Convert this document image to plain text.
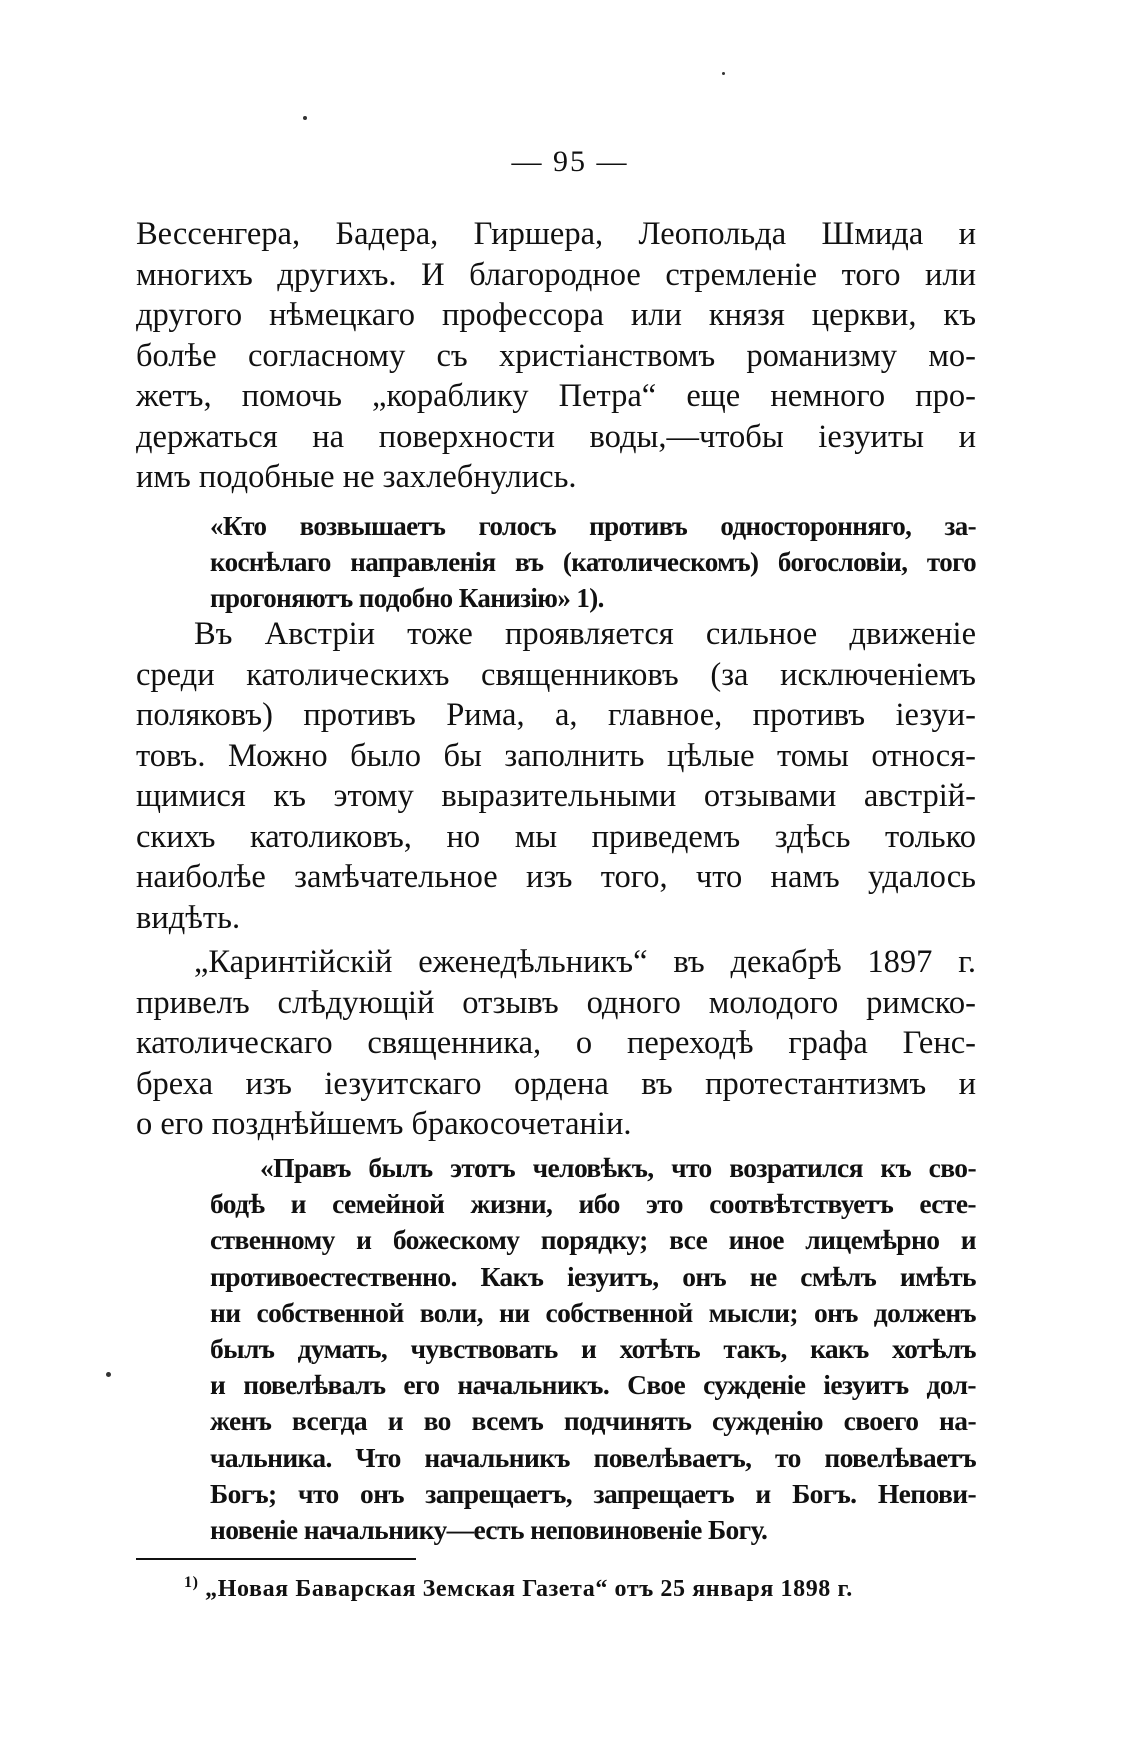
— 95 —
Вессенгера, Бадера, Гиршера, Леопольда Шмида и
многихъ другихъ. И благородное стремленіе того или
другого нѣмецкаго профессора или князя церкви, къ
болѣе согласному съ христіанствомъ романизму мо-
жетъ, помочь „кораблику Петра“ еще немного про-
держаться на поверхности воды,—чтобы іезуиты и
имъ подобные не захлебнулись.
«Кто возвышаетъ голосъ противъ односторонняго, за-
коснѣлаго направленія въ (католическомъ) богословіи, того
прогоняютъ подобно Канизію» 1).
Въ Австріи тоже проявляется сильное движеніе
среди католическихъ священниковъ (за исключеніемъ
поляковъ) противъ Рима, а, главное, противъ іезуи-
товъ. Можно было бы заполнить цѣлые томы относя-
щимися къ этому выразительными отзывами австрій-
скихъ католиковъ, но мы приведемъ здѣсь только
наиболѣе замѣчательное изъ того, что намъ удалось
видѣть.
„Каринтійскій еженедѣльникъ“ въ декабрѣ 1897 г.
привелъ слѣдующій отзывъ одного молодого римско-
католическаго священника, о переходѣ графа Генс-
бреха изъ іезуитскаго ордена въ протестантизмъ и
о его позднѣйшемъ бракосочетаніи.
«Правъ былъ этотъ человѣкъ, что возратился къ сво-
бодѣ и семейной жизни, ибо это соотвѣтствуетъ есте-
ственному и божескому порядку; все иное лицемѣрно и
противоестественно. Какъ іезуитъ, онъ не смѣлъ имѣть
ни собственной воли, ни собственной мысли; онъ долженъ
былъ думать, чувствовать и хотѣть такъ, какъ хотѣлъ
и повелѣвалъ его начальникъ. Свое сужденіе іезуитъ дол-
женъ всегда и во всемъ подчинять сужденію своего на-
чальника. Что начальникъ повелѣваетъ, то повелѣваетъ
Богъ; что онъ запрещаетъ, запрещаетъ и Богъ. Непови-
новеніе начальнику—есть неповиновеніе Богу.
$^{1)}$ „Новая Баварская Земская Газета“ отъ 25 января 1898 г.
